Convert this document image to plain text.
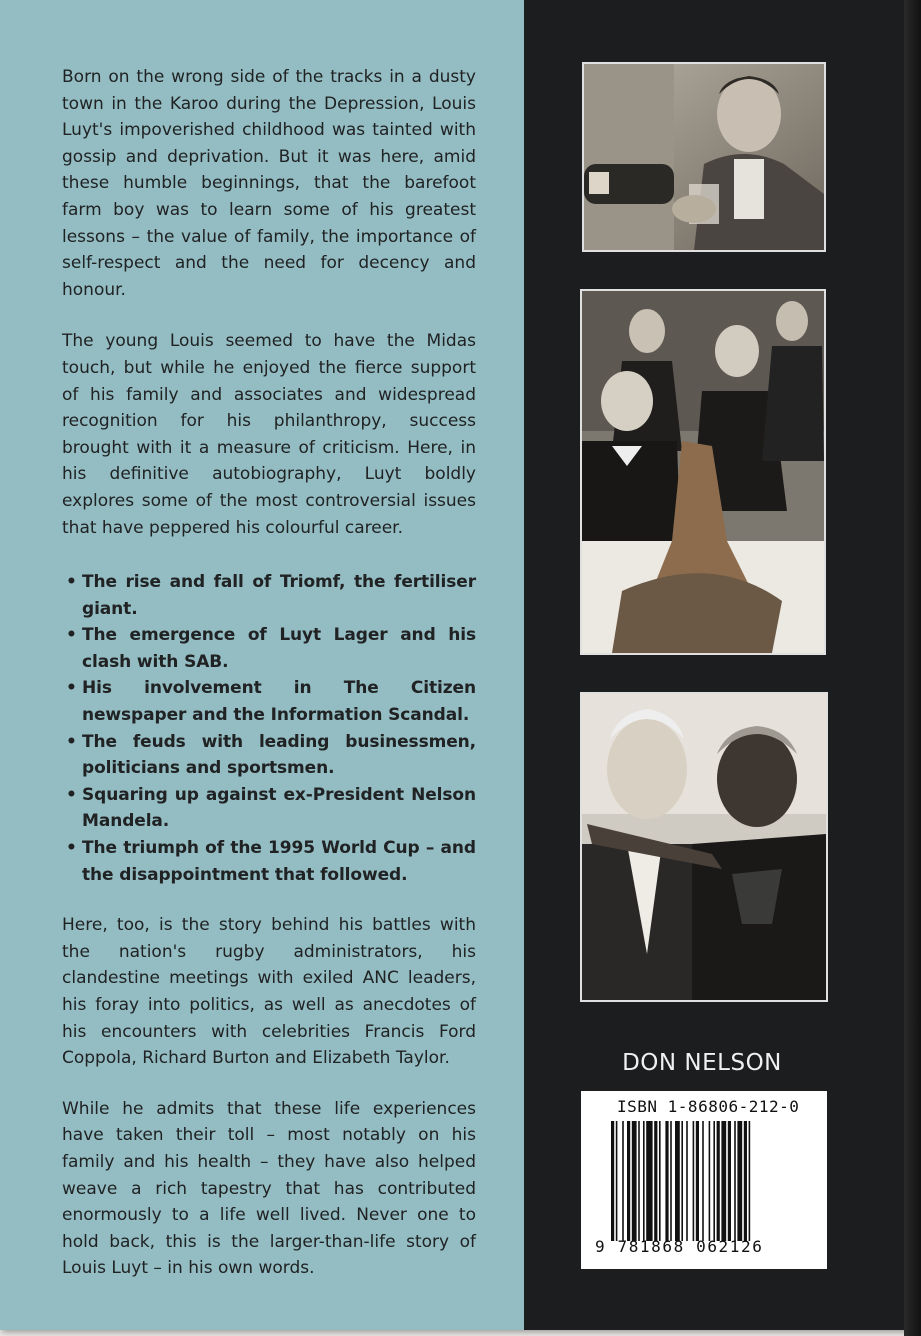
Born on the wrong side of the tracks in a dusty town in the Karoo during the Depression, Louis Luyt's impoverished childhood was tainted with gossip and deprivation. But it was here, amid these humble beginnings, that the barefoot farm boy was to learn some of his greatest lessons – the value of family, the importance of self-respect and the need for decency and honour.

The young Louis seemed to have the Midas touch, but while he enjoyed the fierce support of his family and associates and widespread recognition for his philanthropy, success brought with it a measure of criticism. Here, in his definitive autobiography, Luyt boldly explores some of the most controversial issues that have peppered his colourful career.

• The rise and fall of Triomf, the fertiliser giant.
• The emergence of Luyt Lager and his clash with SAB.
• His involvement in The Citizen newspaper and the Information Scandal.
• The feuds with leading businessmen, politicians and sportsmen.
• Squaring up against ex-President Nelson Mandela.
• The triumph of the 1995 World Cup – and the disappointment that followed.

Here, too, is the story behind his battles with the nation's rugby administrators, his clandestine meetings with exiled ANC leaders, his foray into politics, as well as anecdotes of his encounters with celebrities Francis Ford Coppola, Richard Burton and Elizabeth Taylor.

While he admits that these life experiences have taken their toll – most notably on his family and his health – they have also helped weave a rich tapestry that has contributed enormously to a life well lived. Never one to hold back, this is the larger-than-life story of Louis Luyt – in his own words.

DON NELSON
ISBN 1-86806-212-0
9 781868 062126
